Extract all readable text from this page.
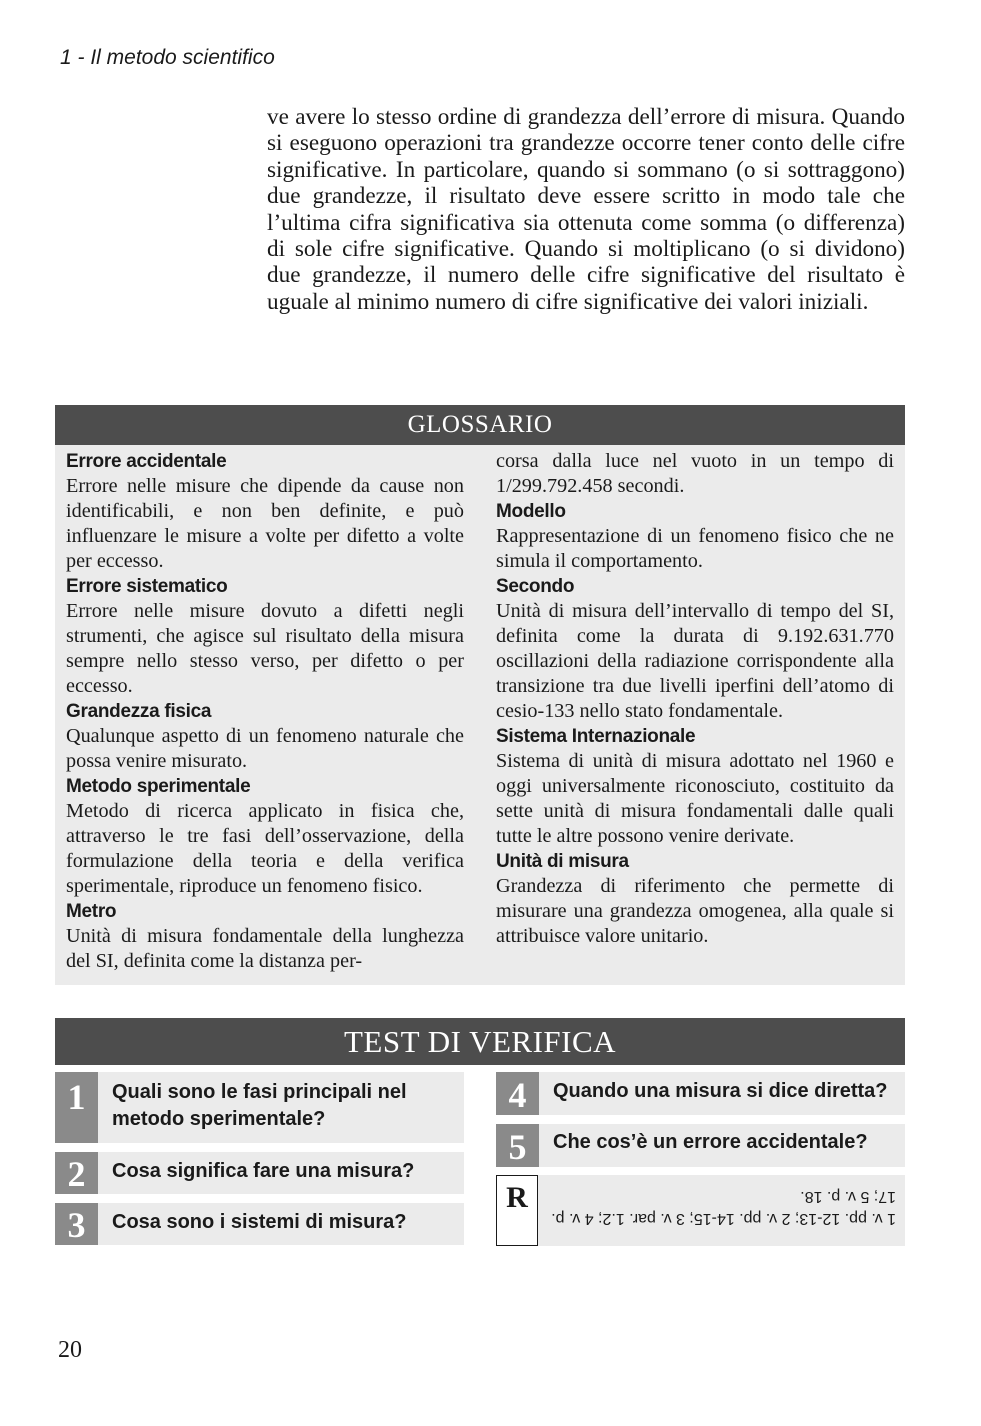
1 - Il metodo scientifico
ve avere lo stesso ordine di grandezza dell’errore di misura. Quando si eseguono operazioni tra grandezze occorre tener conto delle cifre significative. In particolare, quando si sommano (o si sottraggono) due grandezze, il risultato deve essere scritto in modo tale che l’ultima cifra significativa sia ottenuta come somma (o differenza) di sole cifre significative. Quando si moltiplicano (o si dividono) due grandezze, il numero delle cifre significative del risultato è uguale al minimo numero di cifre significative dei valori iniziali.
GLOSSARIO
Errore accidentale
Errore nelle misure che dipende da cause non identificabili, e non ben definite, e può influenzare le misure a volte per difetto a volte per eccesso.
Errore sistematico
Errore nelle misure dovuto a difetti negli strumenti, che agisce sul risultato della misura sempre nello stesso verso, per difetto o per eccesso.
Grandezza fisica
Qualunque aspetto di un fenomeno naturale che possa venire misurato.
Metodo sperimentale
Metodo di ricerca applicato in fisica che, attraverso le tre fasi dell’osservazione, della formulazione della teoria e della verifica sperimentale, riproduce un fenomeno fisico.
Metro
Unità di misura fondamentale della lunghezza del SI, definita come la distanza per-
corsa dalla luce nel vuoto in un tempo di 1/299.792.458 secondi.
Modello
Rappresentazione di un fenomeno fisico che ne simula il comportamento.
Secondo
Unità di misura dell’intervallo di tempo del SI, definita come la durata di 9.192.631.770 oscillazioni della radiazione corrispondente alla transizione tra due livelli iperfini dell’atomo di cesio-133 nello stato fondamentale.
Sistema Internazionale
Sistema di unità di misura adottato nel 1960 e oggi universalmente riconosciuto, costituito da sette unità di misura fondamentali dalle quali tutte le altre possono venire derivate.
Unità di misura
Grandezza di riferimento che permette di misurare una grandezza omogenea, alla quale si attribuisce valore unitario.
TEST DI VERIFICA
1	Quali sono le fasi principali nel metodo sperimentale?
2	Cosa significa fare una misura?
3	Cosa sono i sistemi di misura?
4	Quando una misura si dice diretta?
5	Che cos’è un errore accidentale?
R
1 v. pp. 12-13; 2 v. pp. 14-15; 3 v. par. 1.2; 4 v. p. 17; 5 v. p. 18.
20
